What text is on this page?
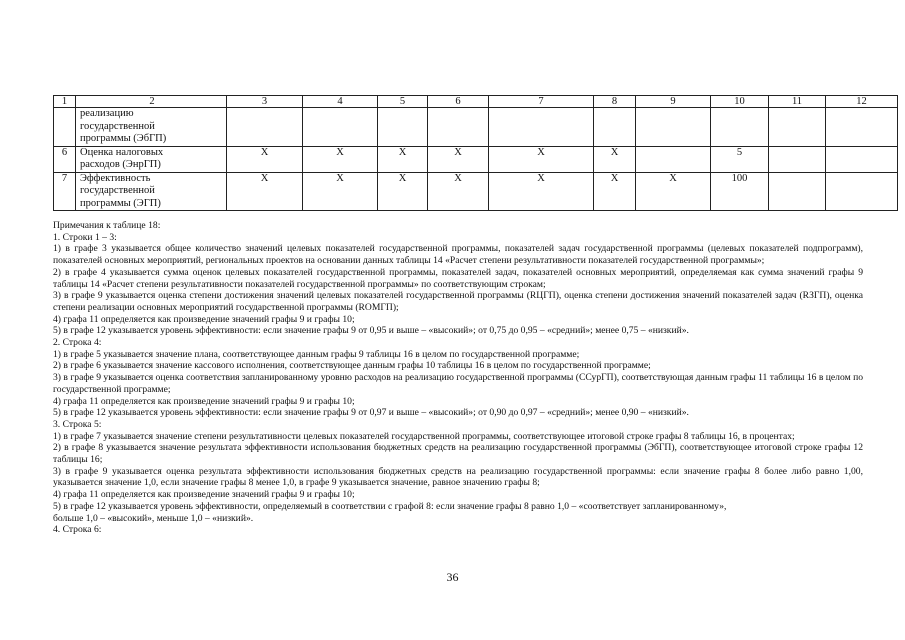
1	2	3	4	5	6	7	8	9	10	11	12

	реализацию
государственной
программы (ЭбГП)										

6	Оценка налоговых
расходов (ЭнрГП)	X	X	X	X	X	X		5		
7	Эффективность
государственной
программы (ЭГП)	X	X	X	X	X	X	X	100		
Примечания к таблице 18:
1. Строки 1 – 3:
1) в графе 3 указывается общее количество значений целевых показателей государственной программы, показателей задач государственной программы (целевых показателей подпрограмм), показателей основных мероприятий, региональных проектов на основании данных таблицы 14 «Расчет степени результативности показателей государственной программы»;
2) в графе 4 указывается сумма оценок целевых показателей государственной программы, показателей задач, показателей основных мероприятий, определяемая как сумма значений графы 9 таблицы 14 «Расчет степени результативности показателей государственной программы» по соответствующим строкам;
3) в графе 9 указывается оценка степени достижения значений целевых показателей государственной программы (RЦГП), оценка степени достижения значений показателей задач (RЗГП), оценка степени реализации основных мероприятий государственной программы (RОМГП);
4) графа 11 определяется как произведение значений графы 9 и графы 10;
5) в графе 12 указывается уровень эффективности: если значение графы 9 от 0,95 и выше – «высокий»; от 0,75 до 0,95 – «средний»; менее 0,75 – «низкий».
2. Строка 4:
1) в графе 5 указывается значение плана, соответствующее данным графы 9 таблицы 16 в целом по государственной программе;
2) в графе 6 указывается значение кассового исполнения, соответствующее данным графы 10 таблицы 16 в целом по государственной программе;
3) в графе 9 указывается оценка соответствия запланированному уровню расходов на реализацию государственной программы (ССурГП), соответствующая данным графы 11 таблицы 16 в целом по государственной программе;
4) графа 11 определяется как произведение значений графы 9 и графы 10;
5) в графе 12 указывается уровень эффективности: если значение графы 9 от 0,97 и выше – «высокий»; от 0,90 до 0,97 – «средний»; менее 0,90 – «низкий».
3. Строка 5:
1) в графе 7 указывается значение степени результативности целевых показателей государственной программы, соответствующее итоговой строке графы 8 таблицы 16, в процентах;
2) в графе 8 указывается значение результата эффективности использования бюджетных средств на реализацию государственной программы (ЭбГП), соответствующее итоговой строке графы 12 таблицы 16;
3) в графе 9 указывается оценка результата эффективности использования бюджетных средств на реализацию государственной программы: если значение графы 8 более либо равно 1,00, указывается значение 1,0, если значение графы 8 менее 1,0, в графе 9 указывается значение, равное значению графы 8;
4) графа 11 определяется как произведение значений графы 9 и графы 10;
5) в графе 12 указывается уровень эффективности, определяемый в соответствии с графой 8: если значение графы 8 равно 1,0 – «соответствует запланированному»,
больше 1,0 – «высокий», меньше 1,0 – «низкий».
4. Строка 6:
36
